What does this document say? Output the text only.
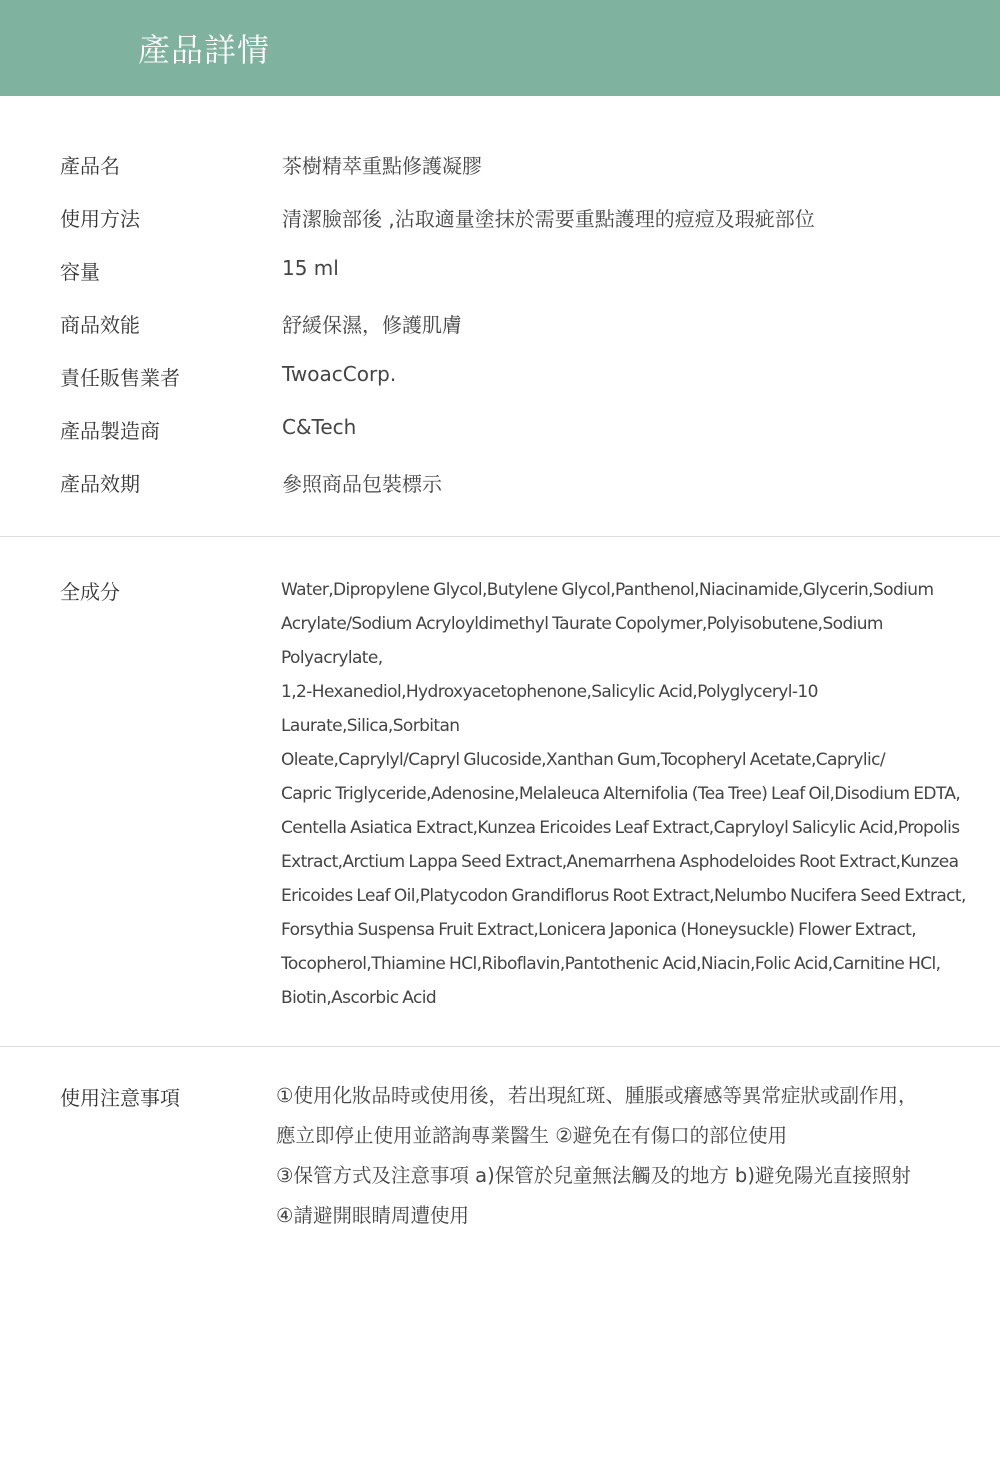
產品詳情
產品名	茶樹精萃重點修護凝膠
使用方法	清潔臉部後 ,沾取適量塗抹於需要重點護理的痘痘及瑕疵部位
容量	15 ml
商品效能	舒緩保濕，修護肌膚
責任販售業者	TwoacCorp.
產品製造商	C&Tech
產品效期	參照商品包裝標示
全成分	Water,Dipropylene Glycol,Butylene Glycol,Panthenol,Niacinamide,Glycerin,Sodium
Acrylate/Sodium Acryloyldimethyl Taurate Copolymer,Polyisobutene,Sodium Polyacrylate,
1,2-Hexanediol,Hydroxyacetophenone,Salicylic Acid,Polyglyceryl-10 Laurate,Silica,Sorbitan
Oleate,Caprylyl/Capryl Glucoside,Xanthan Gum,Tocopheryl Acetate,Caprylic/
Capric Triglyceride,Adenosine,Melaleuca Alternifolia (Tea Tree) Leaf Oil,Disodium EDTA,
Centella Asiatica Extract,Kunzea Ericoides Leaf Extract,Capryloyl Salicylic Acid,Propolis
Extract,Arctium Lappa Seed Extract,Anemarrhena Asphodeloides Root Extract,Kunzea
Ericoides Leaf Oil,Platycodon Grandiflorus Root Extract,Nelumbo Nucifera Seed Extract,
Forsythia Suspensa Fruit Extract,Lonicera Japonica (Honeysuckle) Flower Extract,
Tocopherol,Thiamine HCl,Riboflavin,Pantothenic Acid,Niacin,Folic Acid,Carnitine HCl,
Biotin,Ascorbic Acid
使用注意事項	①使用化妝品時或使用後，若出現紅斑、腫脹或癢感等異常症狀或副作用，
應立即停止使用並諮詢專業醫生 ②避免在有傷口的部位使用
③保管方式及注意事項 a)保管於兒童無法觸及的地方 b)避免陽光直接照射
④請避開眼睛周遭使用
